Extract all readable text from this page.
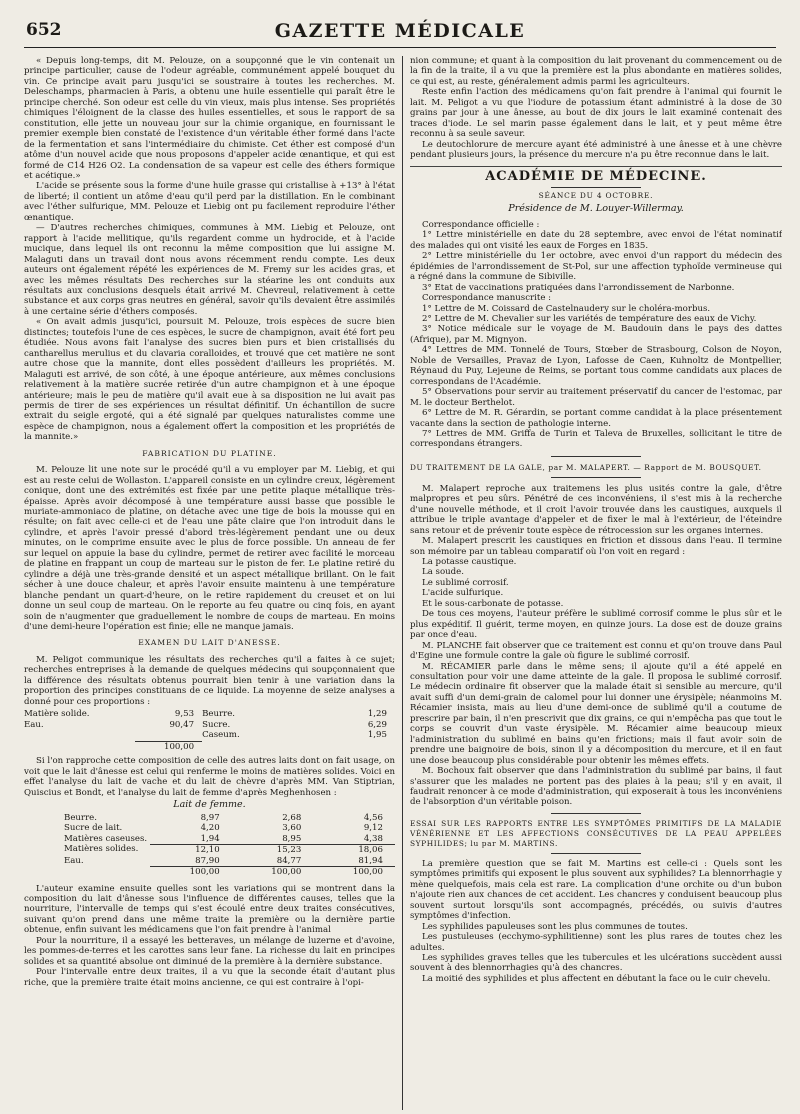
652	GAZETTE MÉDICALE

« Depuis long-temps, dit M. Pelouze, on a soupçonné que le vin contenait un principe particulier, cause de l'odeur agréable, communément appelé bouquet du vin. Ce principe avait paru jusqu'ici se soustraire à toutes les recherches. M. Deleschamps, pharmacien à Paris, a obtenu une huile essentielle qui paraît être le principe cherché. Son odeur est celle du vin vieux, mais plus intense. Ses propriétés chimiques l'éloignent de la classe des huiles essentielles, et sous le rapport de sa constitution, elle jette un nouveau jour sur la chimie organique, en fournissant le premier exemple bien constaté de l'existence d'un véritable éther formé dans l'acte de la fermentation et sans l'intermédiaire du chimiste. Cet éther est composé d'un atôme d'un nouvel acide que nous proposons d'appeler acide œnantique, et qui est formé de C14 H26 O2. La condensation de sa vapeur est celle des éthers formique et acétique.»

L'acide se présente sous la forme d'une huile grasse qui cristallise à +13° à l'état de liberté; il contient un atôme d'eau qu'il perd par la distillation. En le combinant avec l'éther sulfurique, MM. Pelouze et Liebig ont pu facilement reproduire l'éther œnantique.

— D'autres recherches chimiques, communes à MM. Liebig et Pelouze, ont rapport à l'acide mellitique, qu'ils regardent comme un hydrocide, et à l'acide mucique, dans lequel ils ont reconnu la même composition que lui assigne M. Malaguti dans un travail dont nous avons récemment rendu compte. Les deux auteurs ont également répété les expériences de M. Fremy sur les acides gras, et avec les mêmes résultats Des recherches sur la stéarine les ont conduits aux résultats aux conclusions desquels était arrivé M. Chevreul, relativement à cette substance et aux corps gras neutres en général, savoir qu'ils devaient être assimilés à une certaine série d'éthers composés.

« On avait admis jusqu'ici, poursuit M. Pelouze, trois espèces de sucre bien distinctes; toutefois l'une de ces espèces, le sucre de champignon, avait été fort peu étudiée. Nous avons fait l'analyse des sucres bien purs et bien cristallisés du cantharellus merulius et du clavaria coralloides, et trouvé que cet matière ne sont autre chose que la mannite, dont elles possèdent d'ailleurs les propriétés. M. Malaguti est arrivé, de son côté, à une époque antérieure, aux mêmes conclusions relativement à la matière sucrée retirée d'un autre champignon et à une époque antérieure; mais le peu de matière qu'il avait eue à sa disposition ne lui avait pas permis de tirer de ses expériences un résultat définitif. Un échantillon de sucre extrait du seigle ergoté, qui a été signalé par quelques naturalistes comme une espèce de champignon, nous a également offert la composition et les propriétés de la mannite.»

FABRICATION DU PLATINE.

M. Pelouze lit une note sur le procédé qu'il a vu employer par M. Liebig, et qui est au reste celui de Wollaston. L'appareil consiste en un cylindre creux, légèrement conique, dont une des extrémités est fixée par une petite plaque métallique très-épaisse. Après avoir décomposé à une température aussi basse que possible le muriate-ammoniaco de platine, on détache avec une tige de bois la mousse qui en résulte; on fait avec celle-ci et de l'eau une pâte claire que l'on introduit dans le cylindre, et après l'avoir pressé d'abord très-légèrement pendant une ou deux minutes, on le comprime ensuite avec le plus de force possible. Un anneau de fer sur lequel on appuie la base du cylindre, permet de retirer avec facilité le morceau de platine en frappant un coup de marteau sur le piston de fer. Le platine retiré du cylindre a déjà une très-grande densité et un aspect métallique brillant. On le fait sécher à une douce chaleur, et après l'avoir ensuite maintenu à une température blanche pendant un quart-d'heure, on le retire rapidement du creuset et on lui donne un seul coup de marteau. On le reporte au feu quatre ou cinq fois, en ayant soin de n'augmenter que graduellement le nombre de coups de marteau. En moins d'une demi-heure l'opération est finie; elle ne manque jamais.

EXAMEN DU LAIT D'ANESSE.

M. Peligot communique les résultats des recherches qu'il a faites à ce sujet; recherches entreprises à la demande de quelques médecins qui soupçonnaient que la différence des résultats obtenus pourrait bien tenir à une variation dans la proportion des principes constituans de ce liquide. La moyenne de seize analyses a donné pour ces proportions :

Matière solide.	9,53 Beurre.	1,29
Eau.	90,47 Sucre.	6,29
Caseum.	1,95
100,00

Si l'on rapproche cette composition de celle des autres laits dont on fait usage, on voit que le lait d'ânesse est celui qui renferme le moins de matières solides. Voici en effet l'analyse du lait de vache et du lait de chèvre d'après MM. Van Stiptrian, Quiscius et Bondt, et l'analyse du lait de femme d'après Meghenhosen :

Lait de femme.
Beurre.	8,97	2,68	4,56
Sucre de lait.	4,20	3,60	9,12
Matières caseuses.	1,94	8,95	4,38
Matières solides.	12,10	15,23	18,06
Eau.	87,90	84,77	81,94
100,00	100,00	100,00

L'auteur examine ensuite quelles sont les variations qui se montrent dans la composition du lait d'ânesse sous l'influence de différentes causes, telles que la nourriture, l'intervalle de temps qui s'est écoulé entre deux traites consécutives, suivant qu'on prend dans une même traite la première ou la dernière partie obtenue, enfin suivant les médicamens que l'on fait prendre à l'animal

Pour la nourriture, il a essayé les betteraves, un mélange de luzerne et d'avoine, les pommes-de-terres et les carottes sans leur fane. La richesse du lait en principes solides et sa quantité absolue ont diminué de la première à la dernière substance.

Pour l'intervalle entre deux traites, il a vu que la seconde était d'autant plus riche, que la première traite était moins ancienne, ce qui est contraire à l'opi-

nion commune; et quant à la composition du lait provenant du commencement ou de la fin de la traite, il a vu que la première est la plus abondante en matières solides, ce qui est, au reste, généralement admis parmi les agriculteurs.

Reste enfin l'action des médicamens qu'on fait prendre à l'animal qui fournit le lait. M. Peligot a vu que l'iodure de potassium étant administré à la dose de 30 grains par jour à une ânesse, au bout de dix jours le lait examiné contenait des traces d'iode. Le sel marin passe également dans le lait, et y peut même être reconnu à sa seule saveur.

Le deutochlorure de mercure ayant été administré à une ânesse et à une chèvre pendant plusieurs jours, la présence du mercure n'a pu être reconnue dans le lait.

ACADÉMIE DE MÉDECINE.
SÉANCE DU 4 OCTOBRE.
Présidence de M. Louyer-Willermay.

Correspondance officielle :

1° Lettre ministérielle en date du 28 septembre, avec envoi de l'état nominatif des malades qui ont visité les eaux de Forges en 1835.

2° Lettre ministérielle du 1er octobre, avec envoi d'un rapport du médecin des épidémies de l'arrondissement de St-Pol, sur une affection typhoïde vermineuse qui a régné dans la commune de Sibiville.

3° Etat de vaccinations pratiquées dans l'arrondissement de Narbonne.

Correspondance manuscrite :

1° Lettre de M. Coissard de Castelnaudery sur le choléra-morbus.

2° Lettre de M. Chevalier sur les variétés de température des eaux de Vichy.

3° Notice médicale sur le voyage de M. Baudouin dans le pays des dattes (Afrique), par M. Mignyon.

4° Lettres de MM. Tonnelé de Tours, Stœber de Strasbourg, Colson de Noyon, Noble de Versailles, Pravaz de Lyon, Lafosse de Caen, Kuhnoltz de Montpellier, Réynaud du Puy, Lejeune de Reims, se portant tous comme candidats aux places de correspondans de l'Académie.

5° Observations pour servir au traitement préservatif du cancer de l'estomac, par M. le docteur Berthelot.

6° Lettre de M. R. Gérardin, se portant comme candidat à la place présentement vacante dans la section de pathologie interne.

7° Lettres de MM. Griffa de Turin et Taleva de Bruxelles, sollicitant le titre de correspondans étrangers.

DU TRAITEMENT DE LA GALE, par M. MALAPERT. — Rapport de M. BOUSQUET.

M. Malapert reproche aux traitemens les plus usités contre la gale, d'être malpropres et peu sûrs. Pénétré de ces inconvéniens, il s'est mis à la recherche d'une nouvelle méthode, et il croit l'avoir trouvée dans les caustiques, auxquels il attribue le triple avantage d'appeler et de fixer le mal à l'extérieur, de l'éteindre sans retour et de prévenir toute espèce de rétrocession sur les organes internes.

M. Malapert prescrit les caustiques en friction et dissous dans l'eau. Il termine son mémoire par un tableau comparatif où l'on voit en regard :

La potasse caustique.

La soude.

Le sublimé corrosif.

L'acide sulfurique.

Et le sous-carbonate de potasse.

De tous ces moyens, l'auteur préfère le sublimé corrosif comme le plus sûr et le plus expéditif. Il guérit, terme moyen, en quinze jours. La dose est de douze grains par once d'eau.

M. PLANCHE fait observer que ce traitement est connu et qu'on trouve dans Paul d'Egine une formule contre la gale où figure le sublimé corrosif.

M. RÉCAMIER parle dans le même sens; il ajoute qu'il a été appelé en consultation pour voir une dame atteinte de la gale. Il proposa le sublimé corrosif. Le médecin ordinaire fit observer que la malade était si sensible au mercure, qu'il avait suffi d'un demi-grain de calomel pour lui donner une érysipèle; néanmoins M. Récamier insista, mais au lieu d'une demi-once de sublimé qu'il a coutume de prescrire par bain, il n'en prescrivit que dix grains, ce qui n'empêcha pas que tout le corps se couvrit d'un vaste érysipèle. M. Récamier aime beaucoup mieux l'administration du sublimé en bains qu'en frictions; mais il faut avoir soin de prendre une baignoire de bois, sinon il y a décomposition du mercure, et il en faut une dose beaucoup plus considérable pour obtenir les mêmes effets.

M. Bochoux fait observer que dans l'administration du sublimé par bains, il faut s'assurer que les malades ne portent pas des plaies à la peau; s'il y en avait, il faudrait renoncer à ce mode d'administration, qui exposerait à tous les inconvéniens de l'absorption d'un véritable poison.

ESSAI SUR LES RAPPORTS ENTRE LES SYMPTÔMES PRIMITIFS DE LA MALADIE VÉNÉRIENNE ET LES AFFECTIONS CONSÉCUTIVES DE LA PEAU APPELÉES SYPHILIDES; lu par M. MARTINS.

La première question que se fait M. Martins est celle-ci : Quels sont les symptômes primitifs qui exposent le plus souvent aux syphilides? La blennorrhagie y mène quelquefois, mais cela est rare. La complication d'une orchite ou d'un bubon n'ajoute rien aux chances de cet accident. Les chancres y conduisent beaucoup plus souvent surtout lorsqu'ils sont accompagnés, précédés, ou suivis d'autres symptômes d'infection.

Les syphilides papuleuses sont les plus communes de toutes.

Les pustuleuses (ecchymo-syphilitienne) sont les plus rares de toutes chez les adultes.

Les syphilides graves telles que les tubercules et les ulcérations succèdent aussi souvent à des blennorrhagies qu'à des chancres.

La moitié des syphilides et plus affectent en débutant la face ou le cuir chevelu.
